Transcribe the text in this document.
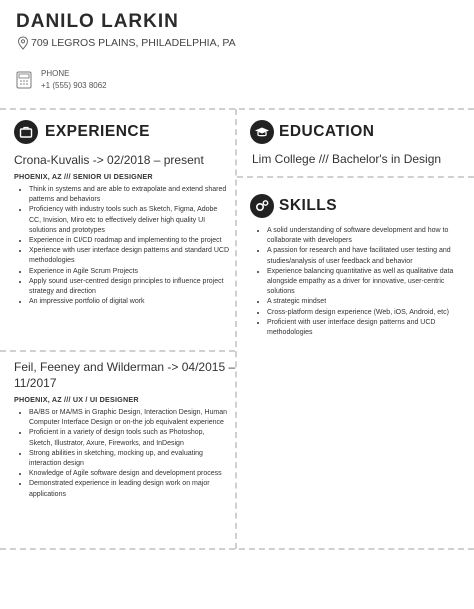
DANILO LARKIN
709 LEGROS PLAINS, PHILADELPHIA, PA
PHONE
+1 (555) 903 8062
EXPERIENCE
Crona-Kuvalis -> 02/2018 – present
PHOENIX, AZ /// SENIOR UI DESIGNER
• Think in systems and are able to extrapolate and extend shared patterns and behaviors
• Proficiency with industry tools such as Sketch, Figma, Adobe CC, Invision, Miro etc to effectively deliver high quality UI solutions and prototypes
• Experience in CI/CD roadmap and implementing to the project
• Xperience with user interface design patterns and standard UCD methodologies
• Experience in Agile Scrum Projects
• Apply sound user-centred design principles to influence project strategy and direction
• An impressive portfolio of digital work
Feil, Feeney and Wilderman -> 04/2015 –
11/2017
PHOENIX, AZ /// UX / UI DESIGNER
• BA/BS or MA/MS in Graphic Design, Interaction Design, Human Computer Interface Design or on-the job equivalent experience
• Proficient in a variety of design tools such as Photoshop, Sketch, Illustrator, Axure, Fireworks, and InDesign
• Strong abilities in sketching, mocking up, and evaluating interaction design
• Knowledge of Agile software design and development process
• Demonstrated experience in leading design work on major applications
EDUCATION
Lim College /// Bachelor's in Design
SKILLS
• A solid understanding of software development and how to collaborate with developers
• A passion for research and have facilitated user testing and studies/analysis of user feedback and behavior
• Experience balancing quantitative as well as qualitative data alongside empathy as a driver for innovative, user-centric solutions
• A strategic mindset
• Cross-platform design experience (Web, iOS, Android, etc)
• Proficient with user interface design patterns and UCD methodologies
